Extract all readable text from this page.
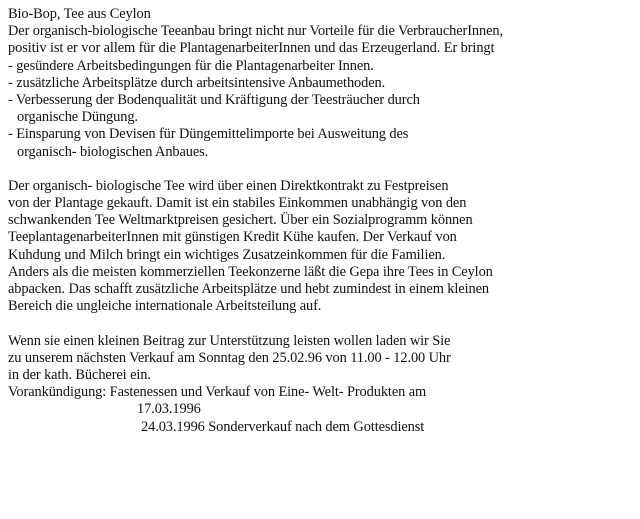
Bio-Bop, Tee aus Ceylon
Der organisch-biologische Teeanbau bringt nicht nur Vorteile für die VerbraucherInnen,
positiv ist er vor allem für die PlantagenarbeiterInnen und das Erzeugerland. Er bringt
- gesündere Arbeitsbedingungen für die Plantagenarbeiter Innen.
- zusätzliche Arbeitsplätze durch arbeitsintensive Anbaumethoden.
- Verbesserung der Bodenqualität und Kräftigung der Teesträucher durch
organische Düngung.
- Einsparung von Devisen für Düngemittelimporte bei Ausweitung des
organisch- biologischen Anbaues.
Der organisch- biologische Tee wird über einen Direktkontrakt zu Festpreisen
von der Plantage gekauft. Damit ist ein stabiles Einkommen unabhängig von den
schwankenden Tee Weltmarktpreisen gesichert. Über ein Sozialprogramm können
TeeplantagenarbeiterInnen mit günstigen Kredit Kühe kaufen. Der Verkauf von
Kuhdung und Milch bringt ein wichtiges Zusatzeinkommen für die Familien.
Anders als die meisten kommerziellen Teekonzerne läßt die Gepa ihre Tees in Ceylon
abpacken. Das schafft zusätzliche Arbeitsplätze und hebt zumindest in einem kleinen
Bereich die ungleiche internationale Arbeitsteilung auf.
Wenn sie einen kleinen Beitrag zur Unterstützung leisten wollen laden wir Sie
zu unserem nächsten Verkauf am Sonntag den 25.02.96 von 11.00 - 12.00 Uhr
in der kath. Bücherei ein.
Vorankündigung: Fastenessen und Verkauf von Eine- Welt- Produkten am
17.03.1996
24.03.1996 Sonderverkauf nach dem Gottesdienst
